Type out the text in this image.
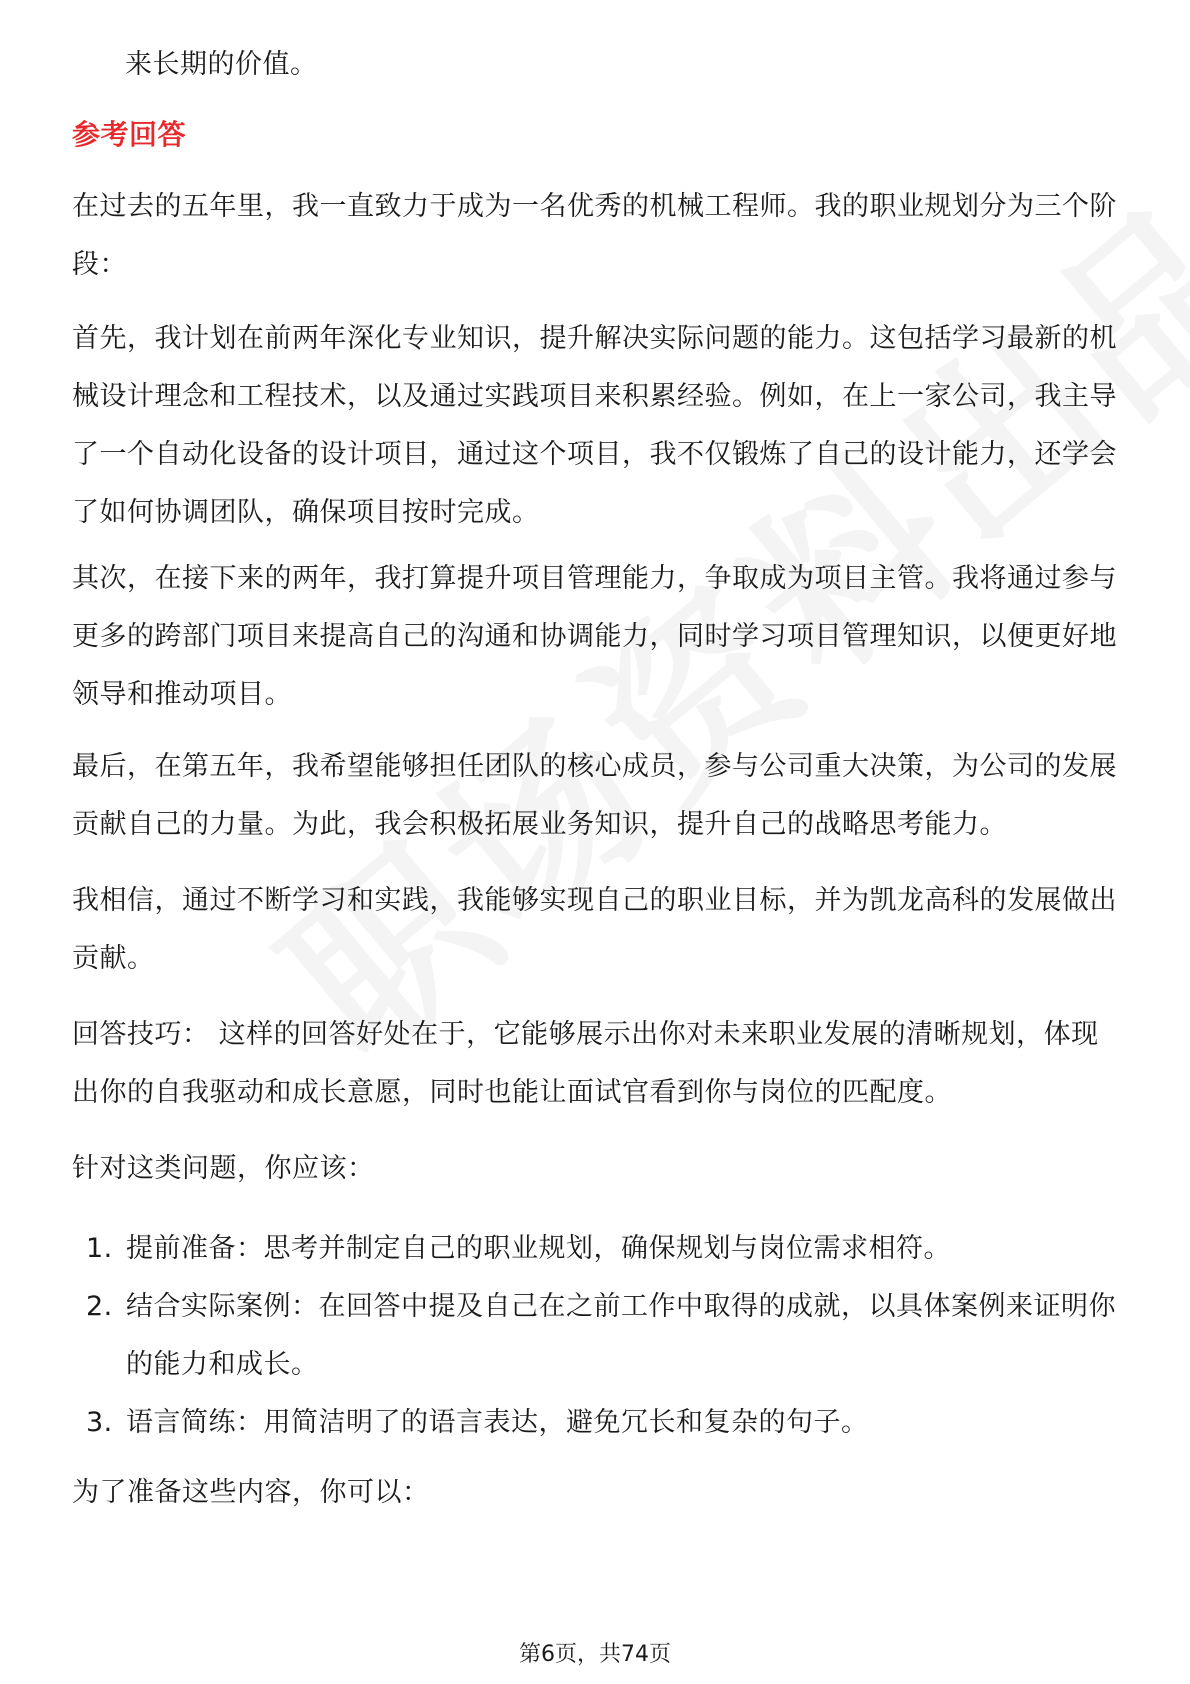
来长期的价值。

参考回答

在过去的五年里，我一直致力于成为一名优秀的机械工程师。我的职业规划分为三个阶段：

首先，我计划在前两年深化专业知识，提升解决实际问题的能力。这包括学习最新的机械设计理念和工程技术，以及通过实践项目来积累经验。例如，在上一家公司，我主导了一个自动化设备的设计项目，通过这个项目，我不仅锻炼了自己的设计能力，还学会了如何协调团队，确保项目按时完成。

其次，在接下来的两年，我打算提升项目管理能力，争取成为项目主管。我将通过参与更多的跨部门项目来提高自己的沟通和协调能力，同时学习项目管理知识，以便更好地领导和推动项目。

最后，在第五年，我希望能够担任团队的核心成员，参与公司重大决策，为公司的发展贡献自己的力量。为此，我会积极拓展业务知识，提升自己的战略思考能力。

我相信，通过不断学习和实践，我能够实现自己的职业目标，并为凯龙高科的发展做出贡献。

回答技巧： 这样的回答好处在于，它能够展示出你对未来职业发展的清晰规划，体现出你的自我驱动和成长意愿，同时也能让面试官看到你与岗位的匹配度。

针对这类问题，你应该：

1. 提前准备：思考并制定自己的职业规划，确保规划与岗位需求相符。
2. 结合实际案例：在回答中提及自己在之前工作中取得的成就，以具体案例来证明你的能力和成长。
3. 语言简练：用简洁明了的语言表达，避免冗长和复杂的句子。

为了准备这些内容，你可以：

第6页，共74页
